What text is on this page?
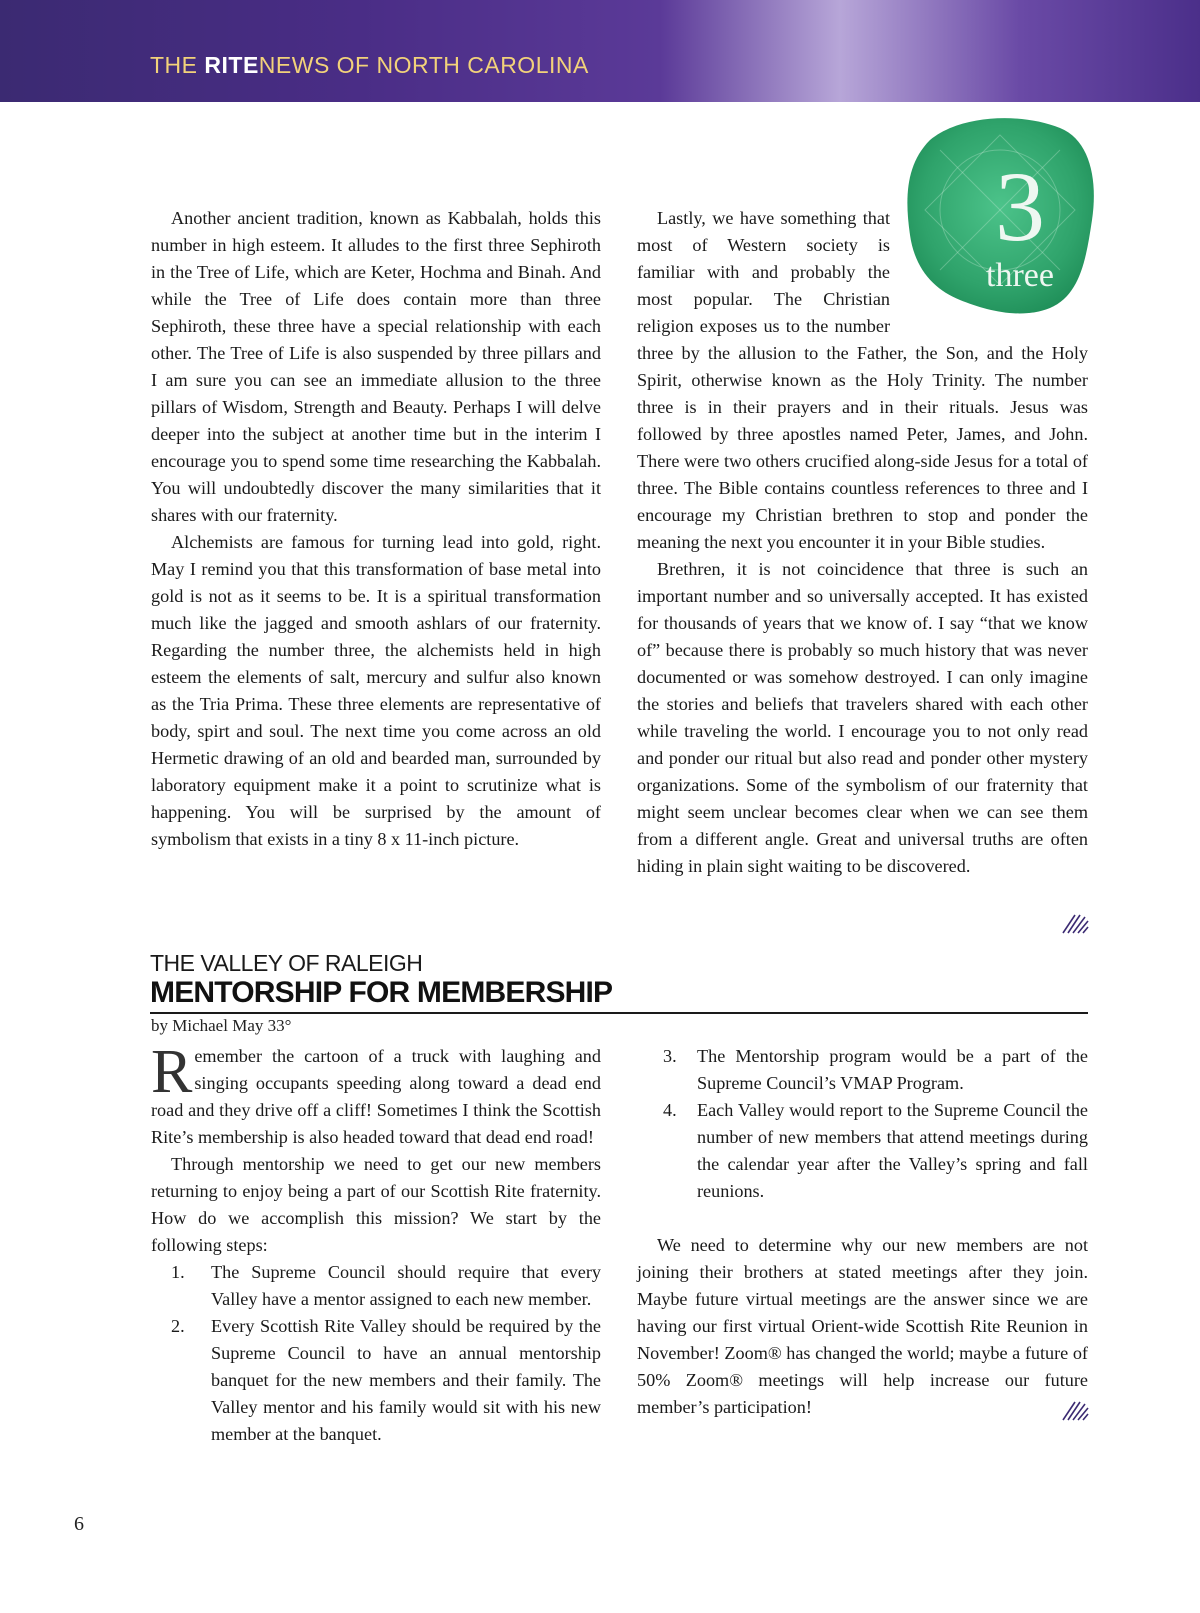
THE RITENEWS OF NORTH CAROLINA

Another ancient tradition, known as Kabbalah, holds this number in high esteem. It alludes to the first three Sephiroth in the Tree of Life, which are Keter, Hochma and Binah. And while the Tree of Life does contain more than three Sephiroth, these three have a special relationship with each other. The Tree of Life is also suspended by three pillars and I am sure you can see an immediate allusion to the three pillars of Wisdom, Strength and Beauty. Perhaps I will delve deeper into the subject at another time but in the interim I encourage you to spend some time researching the Kabbalah. You will undoubtedly discover the many similarities that it shares with our fraternity.

Alchemists are famous for turning lead into gold, right. May I remind you that this transformation of base metal into gold is not as it seems to be. It is a spiritual transformation much like the jagged and smooth ashlars of our fraternity. Regarding the number three, the alchemists held in high esteem the elements of salt, mercury and sulfur also known as the Tria Prima. These three elements are representative of body, spirt and soul. The next time you come across an old Hermetic drawing of an old and bearded man, surrounded by laboratory equipment make it a point to scrutinize what is happening. You will be surprised by the amount of symbolism that exists in a tiny 8 x 11-inch picture.

3
three

Lastly, we have something that most of Western society is familiar with and probably the most popular. The Christian religion exposes us to the number three by the allusion to the Father, the Son, and the Holy Spirit, otherwise known as the Holy Trinity. The number three is in their prayers and in their rituals. Jesus was followed by three apostles named Peter, James, and John. There were two others crucified along-side Jesus for a total of three. The Bible contains countless references to three and I encourage my Christian brethren to stop and ponder the meaning the next you encounter it in your Bible studies.

Brethren, it is not coincidence that three is such an important number and so universally accepted. It has existed for thousands of years that we know of. I say “that we know of” because there is probably so much history that was never documented or was somehow destroyed. I can only imagine the stories and beliefs that travelers shared with each other while traveling the world. I encourage you to not only read and ponder our ritual but also read and ponder other mystery organizations. Some of the symbolism of our fraternity that might seem unclear becomes clear when we can see them from a different angle. Great and universal truths are often hiding in plain sight waiting to be discovered.

THE VALLEY OF RALEIGH
MENTORSHIP FOR MEMBERSHIP
by Michael May 33°

Remember the cartoon of a truck with laughing and singing occupants speeding along toward a dead end road and they drive off a cliff! Sometimes I think the Scottish Rite’s membership is also headed toward that dead end road!

Through mentorship we need to get our new members returning to enjoy being a part of our Scottish Rite fraternity. How do we accomplish this mission? We start by the following steps:

1. The Supreme Council should require that every Valley have a mentor assigned to each new member.
2. Every Scottish Rite Valley should be required by the Supreme Council to have an annual mentorship banquet for the new members and their family. The Valley mentor and his family would sit with his new member at the banquet.
3. The Mentorship program would be a part of the Supreme Council’s VMAP Program.
4. Each Valley would report to the Supreme Council the number of new members that attend meetings during the calendar year after the Valley’s spring and fall reunions.

We need to determine why our new members are not joining their brothers at stated meetings after they join. Maybe future virtual meetings are the answer since we are having our first virtual Orient-wide Scottish Rite Reunion in November! Zoom® has changed the world; maybe a future of 50% Zoom® meetings will help increase our future member’s participation!

6
